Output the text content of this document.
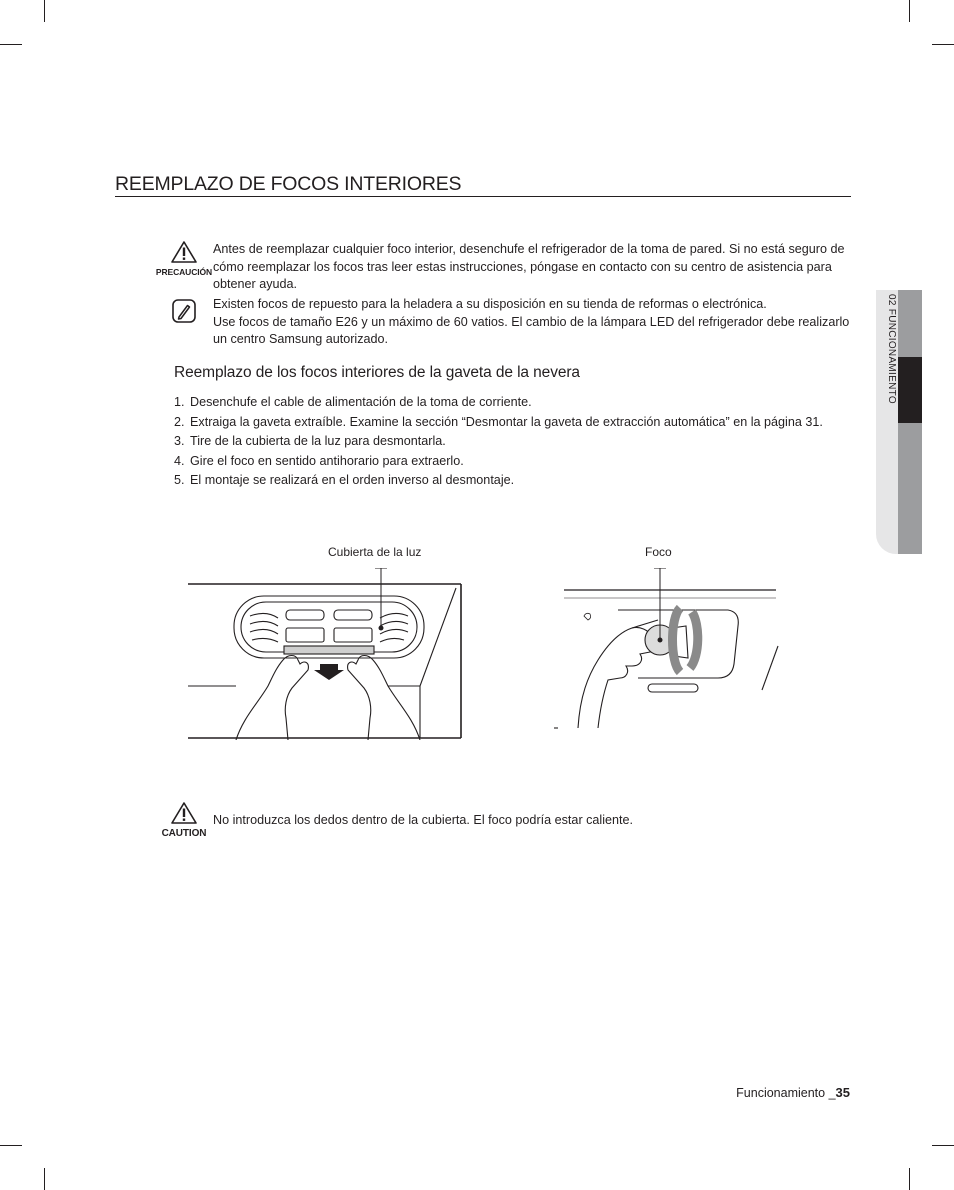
REEMPLAZO DE FOCOS INTERIORES
PRECAUCIÓN

Antes de reemplazar cualquier foco interior, desenchufe el refrigerador de la toma de pared. Si no está seguro de cómo reemplazar los focos tras leer estas instrucciones, póngase en contacto con su centro de asistencia para obtener ayuda.

Existen focos de repuesto para la heladera a su disposición en su tienda de reformas o electrónica.

Use focos de tamaño E26 y un máximo de 60 vatios. El cambio de la lámpara LED del refrigerador debe realizarlo un centro Samsung autorizado.

Reemplazo de los focos interiores de la gaveta de la nevera
1. Desenchufe el cable de alimentación de la toma de corriente.
2. Extraiga la gaveta extraíble. Examine la sección “Desmontar la gaveta de extracción automática” en la página 31.
3. Tire de la cubierta de la luz para desmontarla.
4. Gire el foco en sentido antihorario para extraerlo.
5. El montaje se realizará en el orden inverso al desmontaje.
Cubierta de la luz	Foco
CAUTION

No introduzca los dedos dentro de la cubierta. El foco podría estar caliente.

02 FUNCIONAMIENTO
Funcionamiento _35
